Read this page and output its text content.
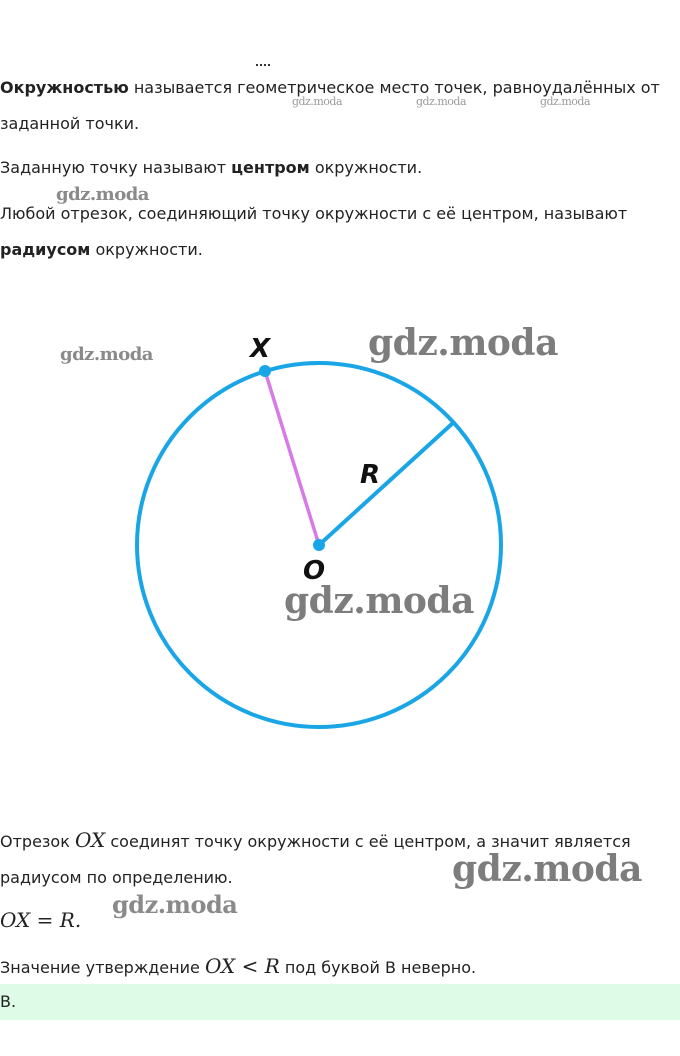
Окружностью называется геометрическое место точек, равноудалённых от
заданной точки.
Заданную точку называют центром окружности.
Любой отрезок, соединяющий точку окружности с её центром, называют
радиусом окружности.
X
R
O
Отрезок OX соединят точку окружности с её центром, а значит является
радиусом по определению.
OX = R.
Значение утверждение OX < R под буквой В неверно.
В.
gdz.moda	gdz.moda	gdz.moda
gdz.moda
gdz.moda	gdz.moda
gdz.moda
gdz.moda
gdz.moda
